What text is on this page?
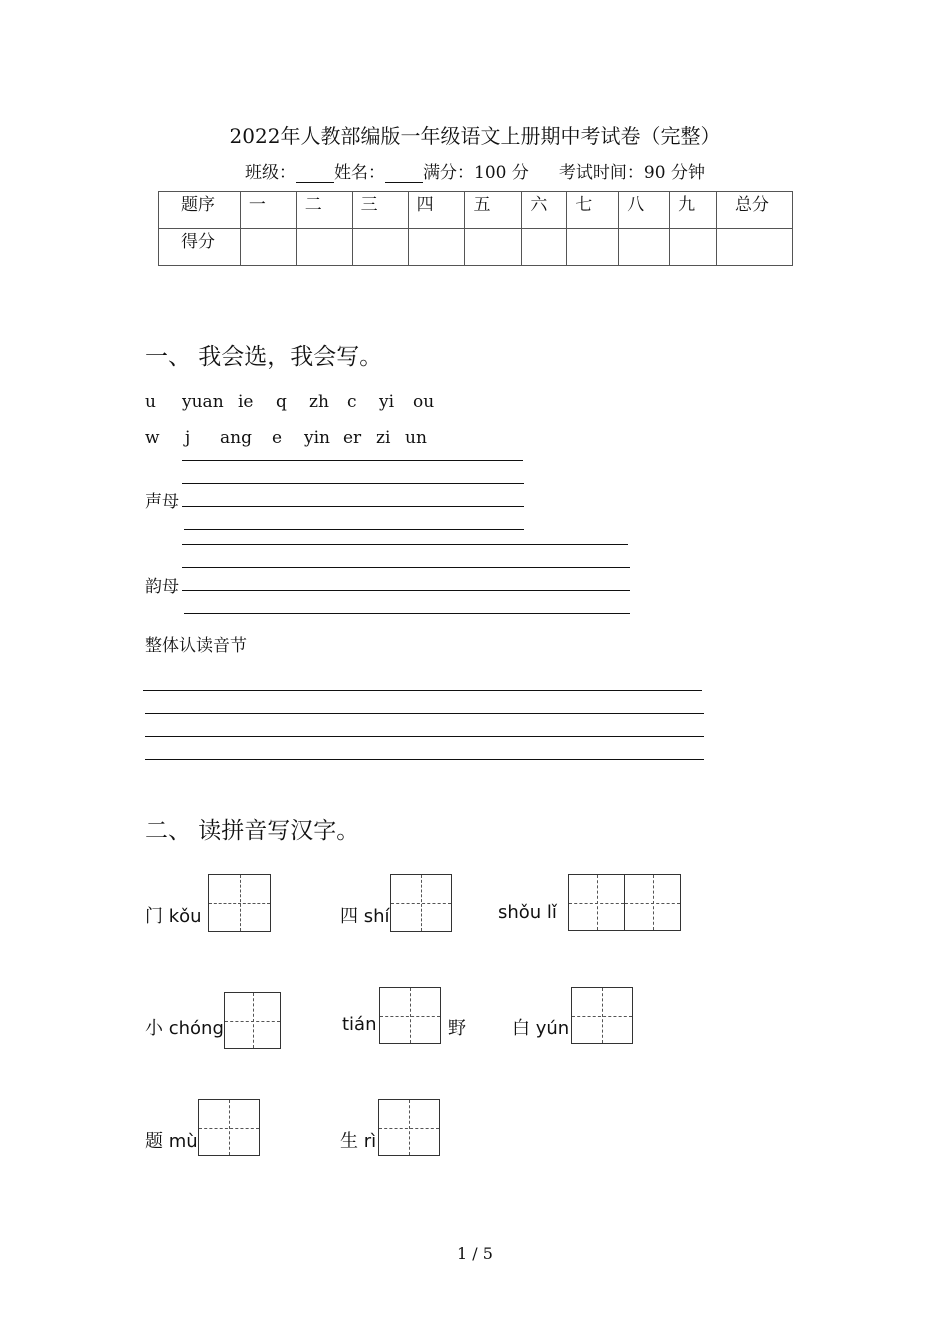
2022年人教部编版一年级语文上册期中考试卷（完整）
班级： 姓名： 满分：100 分 考试时间：90 分钟
题序	一	二	三	四	五	六	七	八	九	总分
得分										
一、 我会选，我会写。
u yuan ie q zh c yi ou
w j ang e yin er zi un
声母
韵母
整体认读音节
二、 读拼音写汉字。
门 kǒu	四 shí	shǒu lǐ
小 chóng	tián	野	白 yún
题 mù	生 rì
1 / 5
